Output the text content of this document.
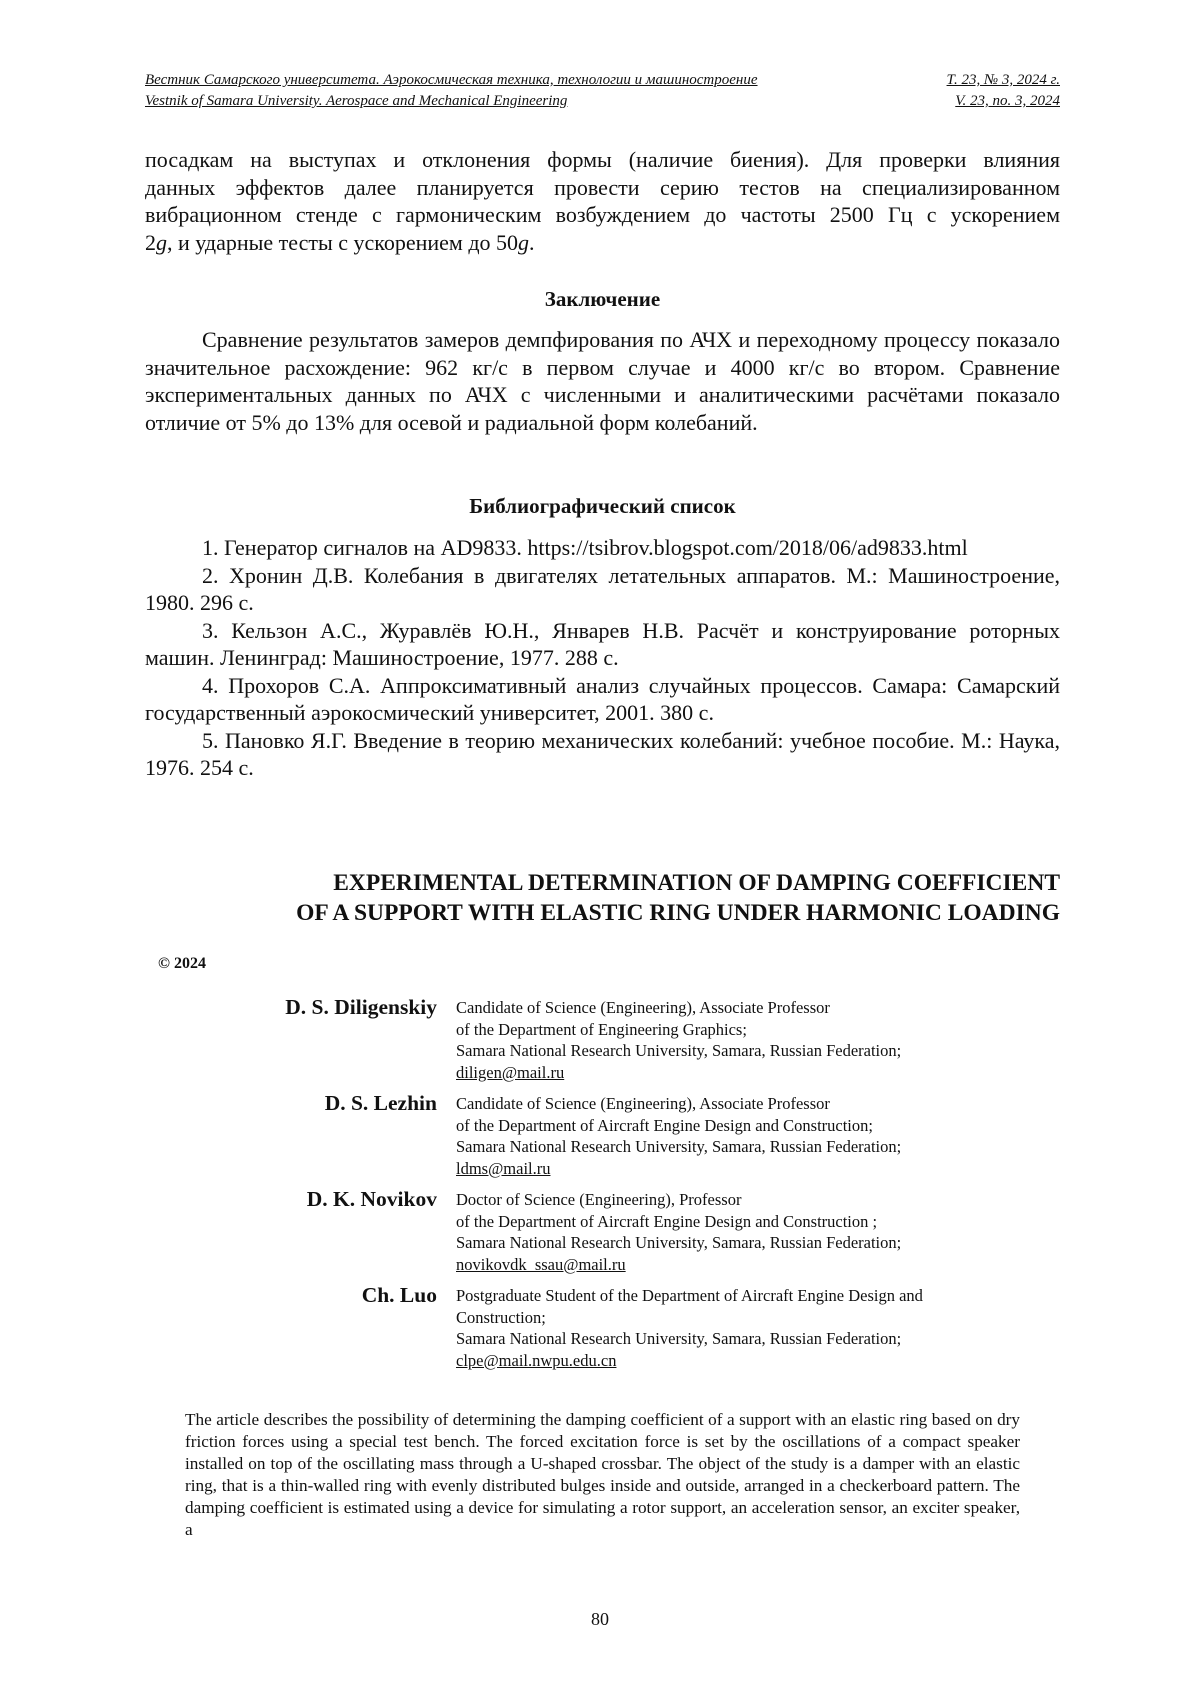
Вестник Самарского университета. Аэрокосмическая техника, технологии и машиностроение	Т. 23, № 3, 2024 г.
Vestnik of Samara University. Aerospace and Mechanical Engineering	V. 23, no. 3, 2024
посадкам на выступах и отклонения формы (наличие биения). Для проверки влияния
данных эффектов далее планируется провести серию тестов на специализированном
вибрационном стенде с гармоническим возбуждением до частоты 2500 Гц с ускорением
2g, и ударные тесты с ускорением до 50g.
Заключение
Сравнение результатов замеров демпфирования по АЧХ и переходному процессу показало значительное расхождение: 962 кг/с в первом случае и 4000 кг/с во втором. Сравнение экспериментальных данных по АЧХ с численными и аналитическими расчётами показало отличие от 5% до 13% для осевой и радиальной форм колебаний.
Библиографический список
1. Генератор сигналов на AD9833. https://tsibrov.blogspot.com/2018/06/ad9833.html
2. Хронин Д.В. Колебания в двигателях летательных аппаратов. М.: Машиностроение, 1980. 296 с.
3. Кельзон А.С., Журавлёв Ю.Н., Январев Н.В. Расчёт и конструирование роторных машин. Ленинград: Машиностроение, 1977. 288 с.
4. Прохоров С.А. Аппроксимативный анализ случайных процессов. Самара: Самарский государственный аэрокосмический университет, 2001. 380 с.
5. Пановко Я.Г. Введение в теорию механических колебаний: учебное пособие. М.: Наука, 1976. 254 с.
EXPERIMENTAL DETERMINATION OF DAMPING COEFFICIENT
OF A SUPPORT WITH ELASTIC RING UNDER HARMONIC LOADING
© 2024
D. S. Diligenskiy Candidate of Science (Engineering), Associate Professor
of the Department of Engineering Graphics;
Samara National Research University, Samara, Russian Federation;
diligen@mail.ru
D. S. Lezhin Candidate of Science (Engineering), Associate Professor
of the Department of Aircraft Engine Design and Construction;
Samara National Research University, Samara, Russian Federation;
ldms@mail.ru
D. K. Novikov Doctor of Science (Engineering), Professor
of the Department of Aircraft Engine Design and Construction ;
Samara National Research University, Samara, Russian Federation;
novikovdk_ssau@mail.ru
Ch. Luo Postgraduate Student of the Department of Aircraft Engine Design and Construction;
Samara National Research University, Samara, Russian Federation;
clpe@mail.nwpu.edu.cn
The article describes the possibility of determining the damping coefficient of a support with an elastic ring based on dry friction forces using a special test bench. The forced excitation force is set by the oscillations of a compact speaker installed on top of the oscillating mass through a U-shaped crossbar. The object of the study is a damper with an elastic ring, that is a thin-walled ring with evenly distributed bulges inside and outside, arranged in a checkerboard pattern. The damping coefficient is estimated using a device for simulating a rotor support, an acceleration sensor, an exciter speaker, a
80
